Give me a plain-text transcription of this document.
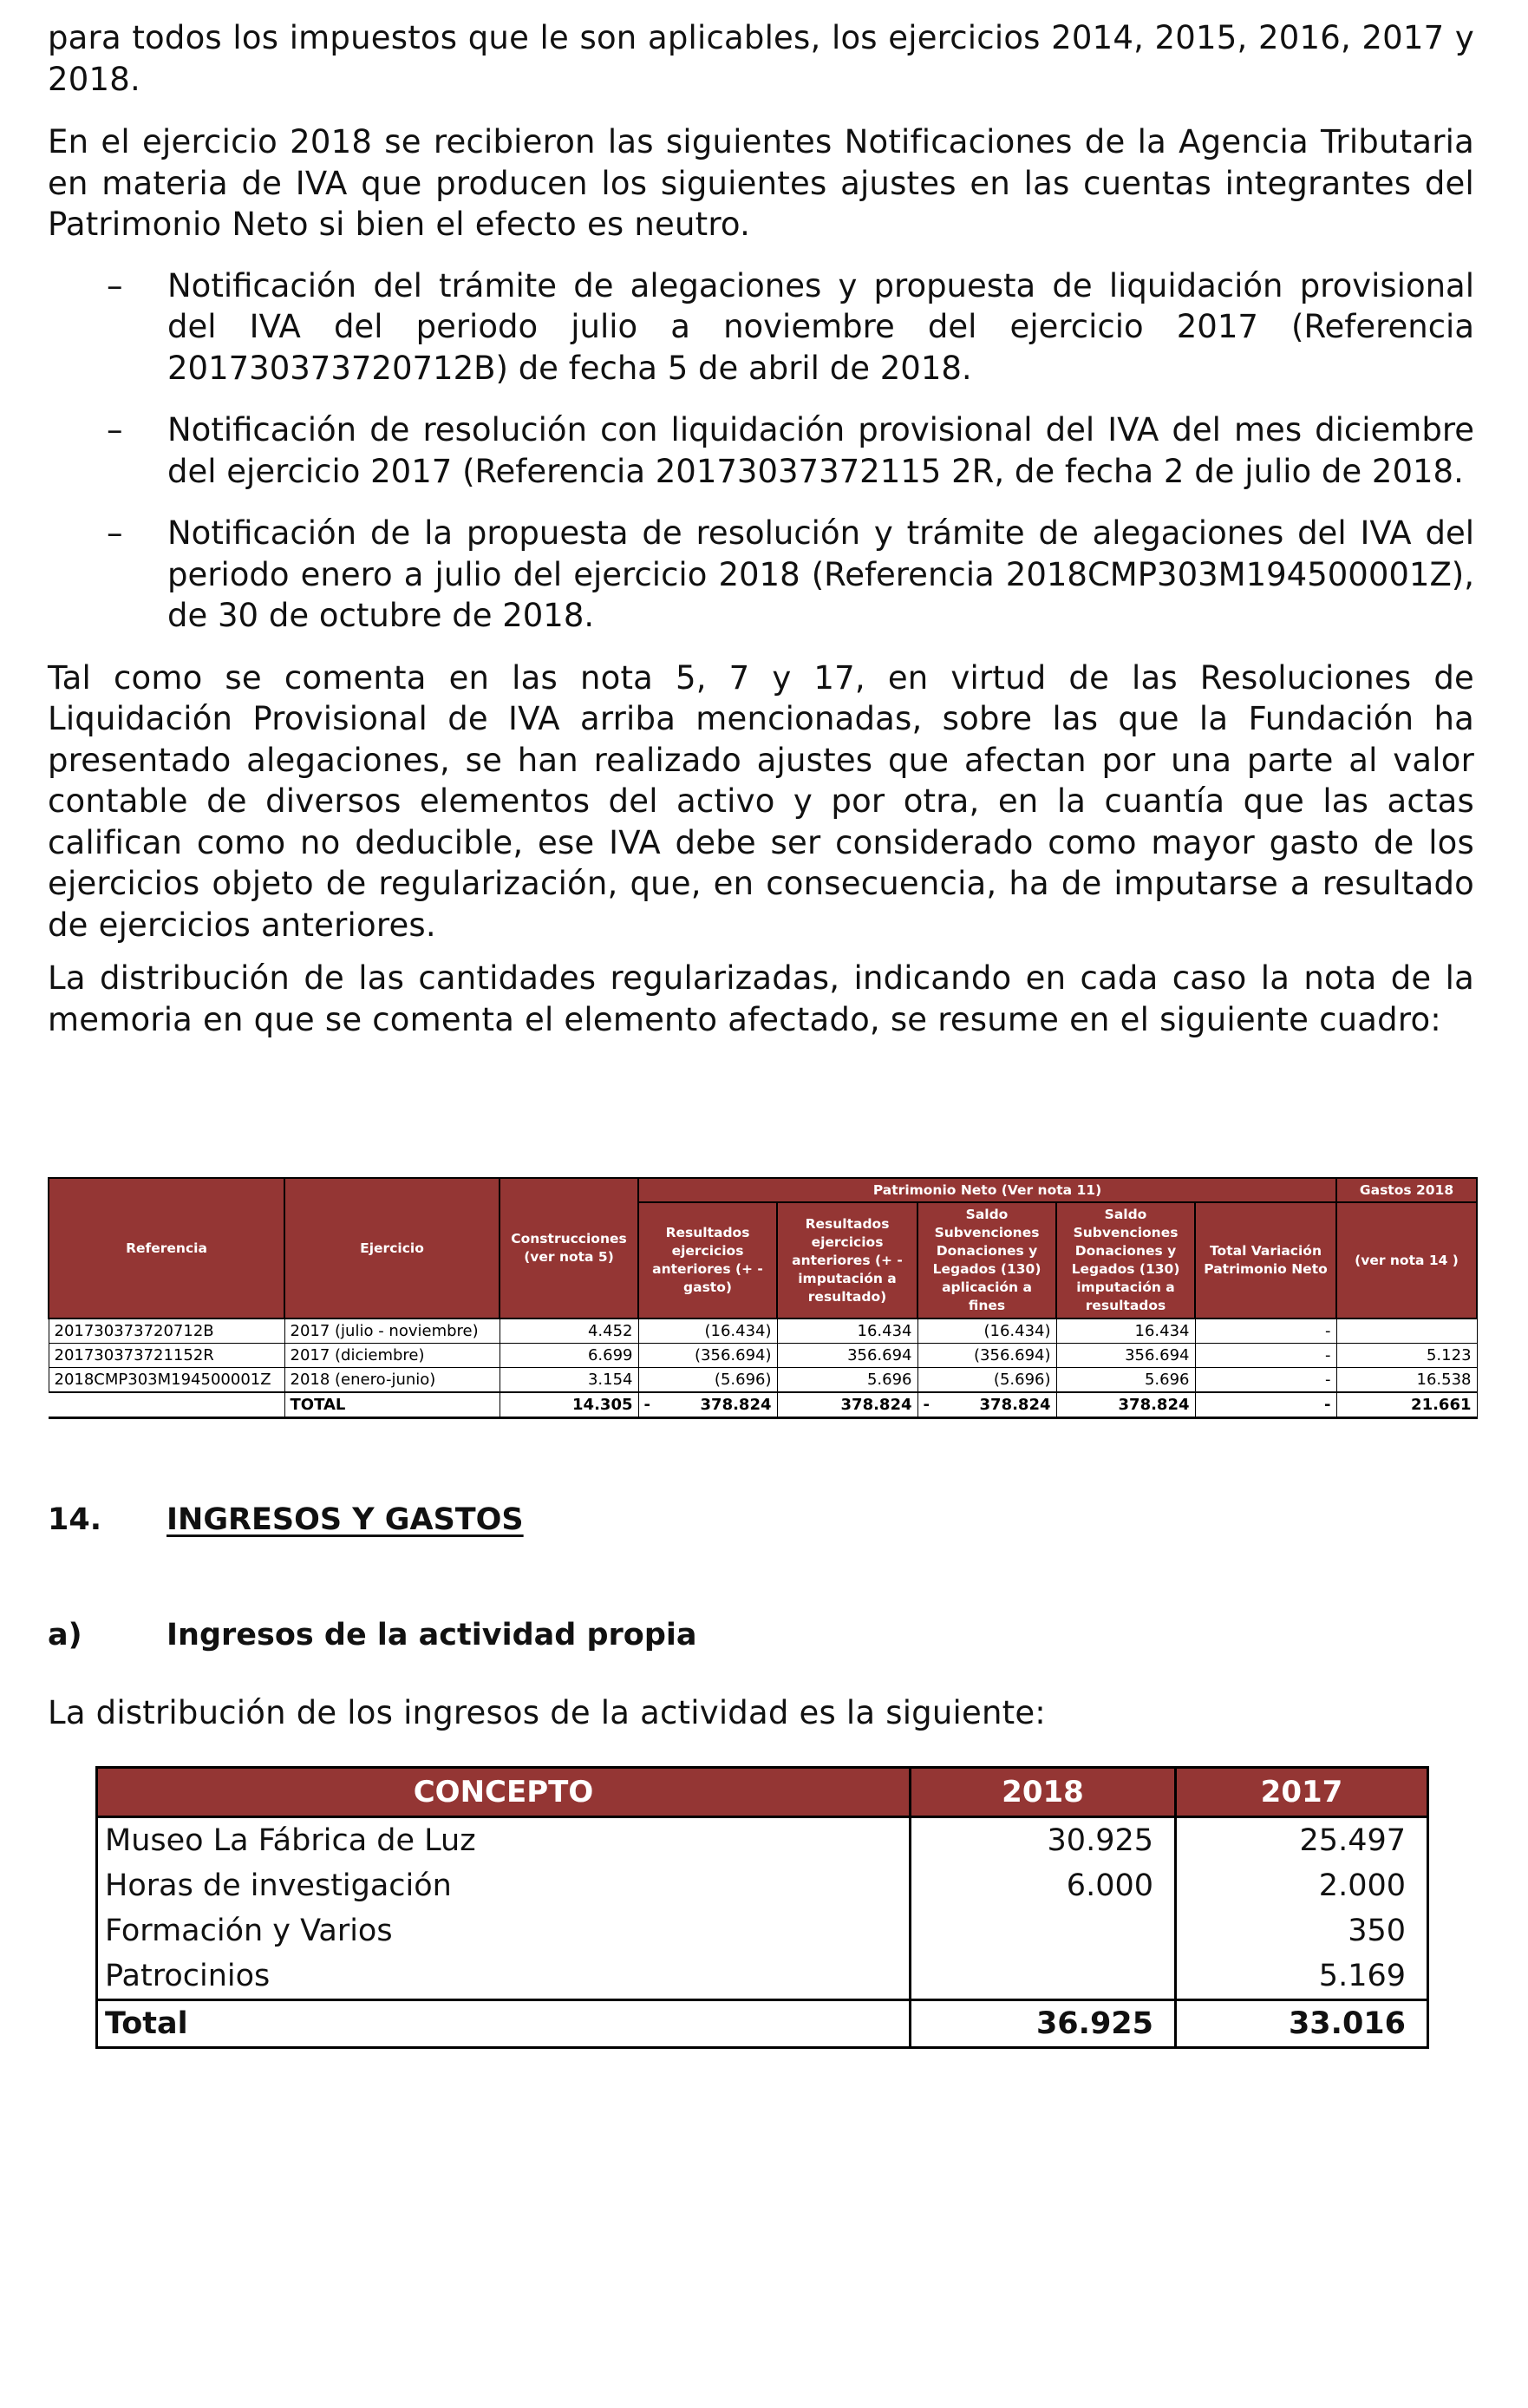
para todos los impuestos que le son aplicables, los ejercicios 2014, 2015, 2016, 2017 y 2018.

En el ejercicio 2018 se recibieron las siguientes Notificaciones de la Agencia Tributaria en materia de IVA que producen los siguientes ajustes en las cuentas integrantes del Patrimonio Neto si bien el efecto es neutro.

– Notificación del trámite de alegaciones y propuesta de liquidación provisional del IVA del periodo julio a noviembre del ejercicio 2017 (Referencia 201730373720712B) de fecha 5 de abril de 2018.
– Notificación de resolución con liquidación provisional del IVA del mes diciembre del ejercicio 2017 (Referencia 20173037372115 2R, de fecha 2 de julio de 2018.
– Notificación de la propuesta de resolución y trámite de alegaciones del IVA del periodo enero a julio del ejercicio 2018 (Referencia 2018CMP303M194500001Z), de 30 de octubre de 2018.

Tal como se comenta en las nota 5, 7 y 17, en virtud de las Resoluciones de Liquidación Provisional de IVA arriba mencionadas, sobre las que la Fundación ha presentado alegaciones, se han realizado ajustes que afectan por una parte al valor contable de diversos elementos del activo y por otra, en la cuantía que las actas califican como no deducible, ese IVA debe ser considerado como mayor gasto de los ejercicios objeto de regularización, que, en consecuencia, ha de imputarse a resultado de ejercicios anteriores.

La distribución de las cantidades regularizadas, indicando en cada caso la nota de la memoria en que se comenta el elemento afectado, se resume en el siguiente cuadro:

Referencia	Ejercicio	Construcciones (ver nota 5)	Patrimonio Neto (Ver nota 11)					Gastos 2018
			Resultados ejercicios anteriores (+ - gasto)	Resultados ejercicios anteriores (+ - imputación a resultado)	Saldo Subvenciones Donaciones y Legados (130) aplicación a fines	Saldo Subvenciones Donaciones y Legados (130) imputación a resultados	Total Variación Patrimonio Neto	(ver nota 14 )
201730373720712B	2017 (julio - noviembre)	4.452	(16.434)	16.434	(16.434)	16.434	-	
201730373721152R	2017 (diciembre)	6.699	(356.694)	356.694	(356.694)	356.694	-	5.123
2018CMP303M194500001Z	2018 (enero-junio)	3.154	(5.696)	5.696	(5.696)	5.696	-	16.538
	TOTAL	14.305	- 378.824	378.824	- 378.824	378.824	-	21.661
14. INGRESOS Y GASTOS
a)	Ingresos de la actividad propia

La distribución de los ingresos de la actividad es la siguiente:

CONCEPTO	2018	2017
Museo La Fábrica de Luz	30.925	25.497
Horas de investigación	6.000	2.000
Formación y Varios		350
Patrocinios		5.169
Total	36.925	33.016
